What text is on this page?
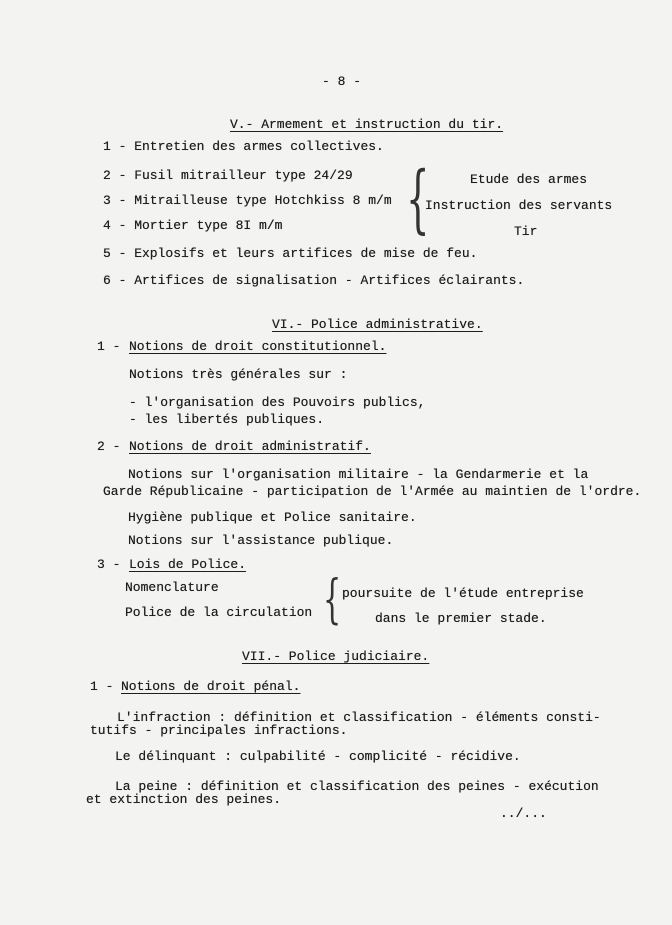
- 8 -
V.- Armement et instruction du tir.
1 - Entretien des armes collectives.
2 - Fusil mitrailleur type 24/29
3 - Mitrailleuse type Hotchkiss 8 m/m
4 - Mortier type 8I m/m
5 - Explosifs et leurs artifices de mise de feu.
6 - Artifices de signalisation - Artifices éclairants.
{	Etude des armes
Instruction des servants
Tir
VI.- Police administrative.
1 - Notions de droit constitutionnel.
Notions très générales sur :
- l'organisation des Pouvoirs publics,
- les libertés publiques.
2 - Notions de droit administratif.
Notions sur l'organisation militaire - la Gendarmerie et la
Garde Républicaine - participation de l'Armée au maintien de l'ordre.
Hygiène publique et Police sanitaire.
Notions sur l'assistance publique.
3 - Lois de Police.
Nomenclature
Police de la circulation { poursuite de l'étude entreprise
dans le premier stade.
VII.- Police judiciaire.
1 - Notions de droit pénal.
L'infraction : définition et classification - éléments consti-
tutifs - principales infractions.
Le délinquant : culpabilité - complicité - récidive.
La peine : définition et classification des peines - exécution
et extinction des peines.
../...
